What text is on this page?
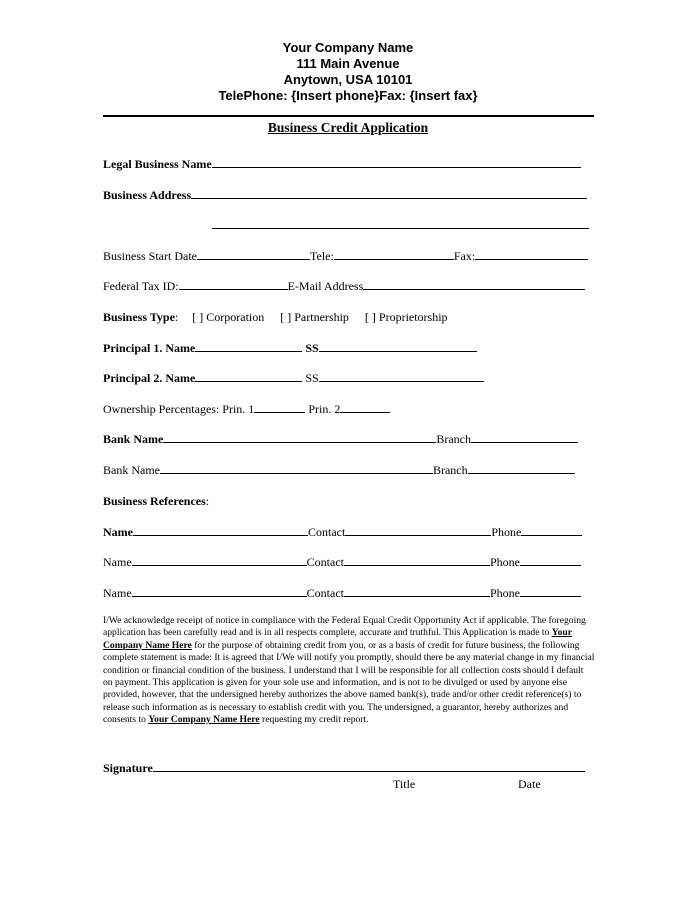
Your Company Name
111 Main Avenue
Anytown, USA 10101
TelePhone: {Insert phone}Fax: {Insert fax}
Business Credit Application
Legal Business Name
Business Address
Business Start Date	Tele:	Fax:
Federal Tax ID:	E-Mail Address
Business Type: [ ] Corporation [ ] Partnership [ ] Proprietorship
Principal 1. Name	SS
Principal 2. Name	SS
Ownership Percentages: Prin. 1	Prin. 2
Bank Name	Branch
Bank Name	Branch
Business References:
Name	Contact	Phone
Name	Contact	Phone
Name	Contact	Phone
I/We acknowledge receipt of notice in compliance with the Federal Equal Credit Opportunity Act if applicable. The foregoing application has been carefully read and is in all respects complete, accurate and truthful. This Application is made to Your Company Name Here for the purpose of obtaining credit from you, or as a basis of credit for future business, the following complete statement is made: It is agreed that I/We will notify you promptly, should there be any material change in my financial condition or financial condition of the business. I understand that I will be responsible for all collection costs should I default on payment. This application is given for your sole use and information, and is not to be divulged or used by anyone else provided, however, that the undersigned hereby authorizes the above named bank(s), trade and/or other credit reference(s) to release such information as is necessary to establish credit with you. The undersigned, a guarantor, hereby authorizes and consents to Your Company Name Here requesting my credit report.
Signature
Title	Date
